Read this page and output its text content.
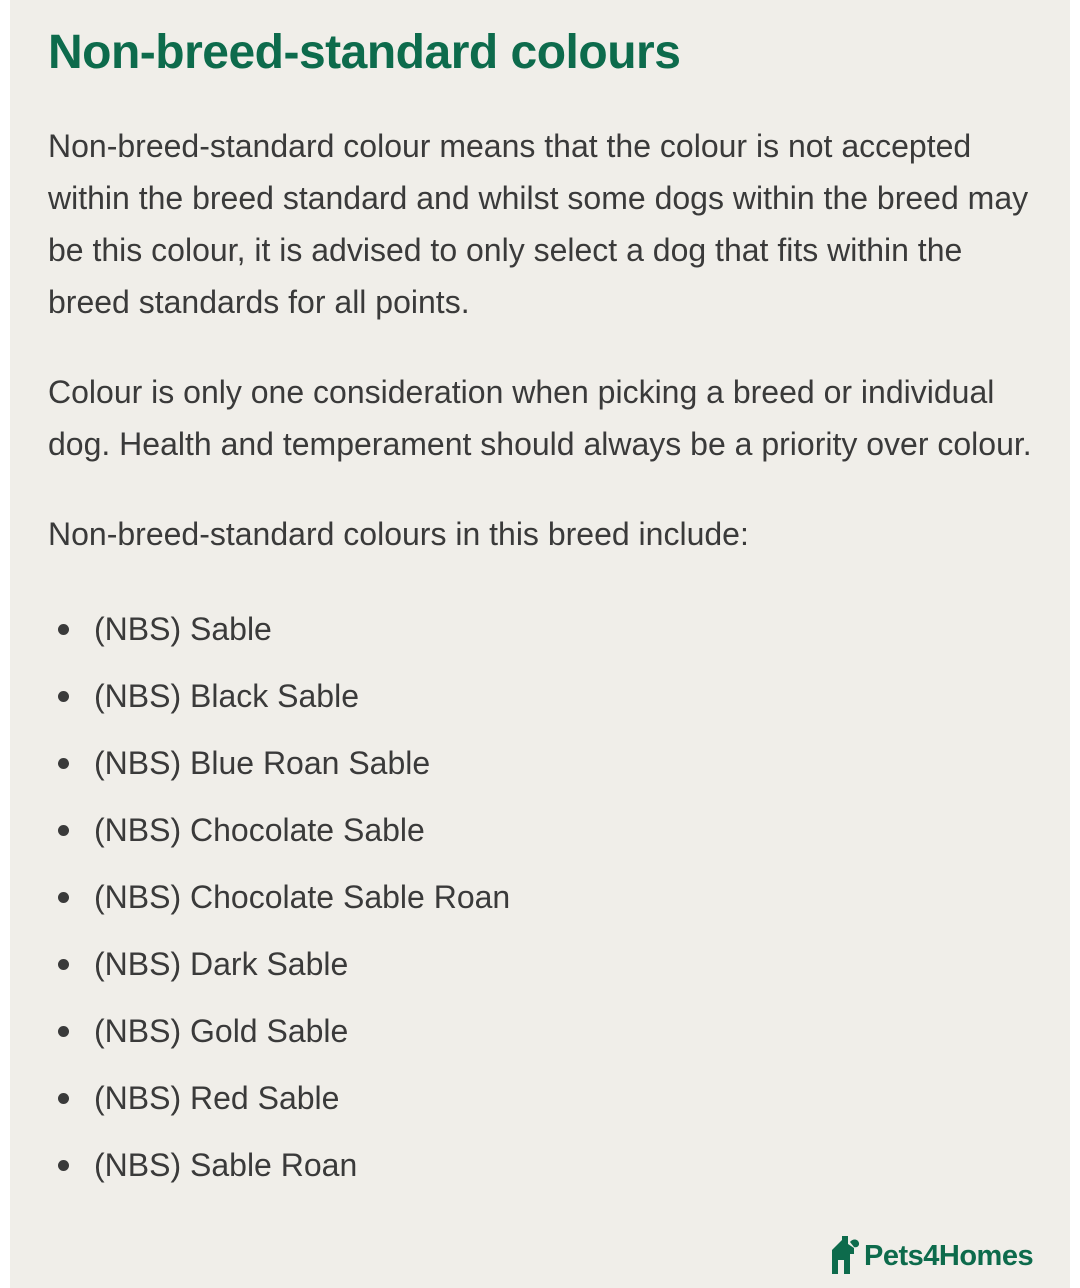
Non-breed-standard colours

Non-breed-standard colour means that the colour is not accepted within the breed standard and whilst some dogs within the breed may be this colour, it is advised to only select a dog that fits within the breed standards for all points.

Colour is only one consideration when picking a breed or individual dog. Health and temperament should always be a priority over colour.

Non-breed-standard colours in this breed include:

(NBS) Sable
(NBS) Black Sable
(NBS) Blue Roan Sable
(NBS) Chocolate Sable
(NBS) Chocolate Sable Roan
(NBS) Dark Sable
(NBS) Gold Sable
(NBS) Red Sable
(NBS) Sable Roan
Pets4Homes
